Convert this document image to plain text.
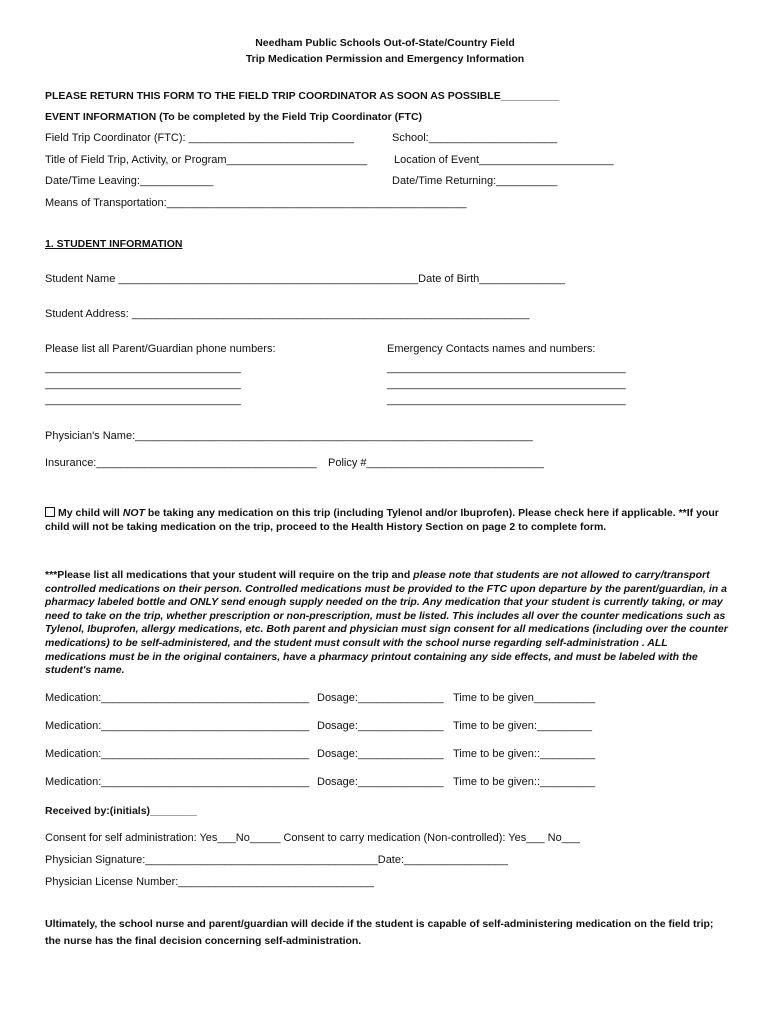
Needham Public Schools Out-of-State/Country Field
Trip Medication Permission and Emergency Information
PLEASE RETURN THIS FORM TO THE FIELD TRIP COORDINATOR AS SOON AS POSSIBLE__________
EVENT INFORMATION (To be completed by the Field Trip Coordinator (FTC)
Field Trip Coordinator (FTC): ___________________________	School:_____________________
Title of Field Trip, Activity, or Program_______________________ Location of Event______________________
Date/Time Leaving:____________	Date/Time Returning:__________
Means of Transportation:_________________________________________________
1. STUDENT INFORMATION
Student Name _________________________________________________Date of Birth______________
Student Address: _________________________________________________________________
Please list all Parent/Guardian phone numbers:	Emergency Contacts names and numbers:
________________________________
________________________________
________________________________
_______________________________________
_______________________________________
_______________________________________
Physician's Name:_________________________________________________________________
Insurance:____________________________________ Policy #_____________________________
My child will NOT be taking any medication on this trip (including Tylenol and/or Ibuprofen). Please check here if applicable. **If your child will not be taking medication on the trip, proceed to the Health History Section on page 2 to complete form.
***Please list all medications that your student will require on the trip and please note that students are not allowed to carry/transport controlled medications on their person. Controlled medications must be provided to the FTC upon departure by the parent/guardian, in a pharmacy labeled bottle and ONLY send enough supply needed on the trip. Any medication that your student is currently taking, or may need to take on the trip, whether prescription or non-prescription, must be listed. This includes all over the counter medications such as Tylenol, Ibuprofen, allergy medications, etc. Both parent and physician must sign consent for all medications (including over the counter medications) to be self-administered, and the student must consult with the school nurse regarding self-administration . ALL medications must be in the original containers, have a pharmacy printout containing any side effects, and must be labeled with the student's name.
Medication:__________________________________ Dosage:______________ Time to be given__________
Medication:__________________________________ Dosage:______________ Time to be given:_________
Medication:__________________________________ Dosage:______________ Time to be given::_________
Medication:__________________________________ Dosage:______________ Time to be given::_________
Received by:(initials)________
Consent for self administration: Yes___No_____ Consent to carry medication (Non-controlled): Yes___ No___
Physician Signature:______________________________________Date:_________________
Physician License Number:________________________________
Ultimately, the school nurse and parent/guardian will decide if the student is capable of self-administering medication on the field trip; the nurse has the final decision concerning self-administration.
